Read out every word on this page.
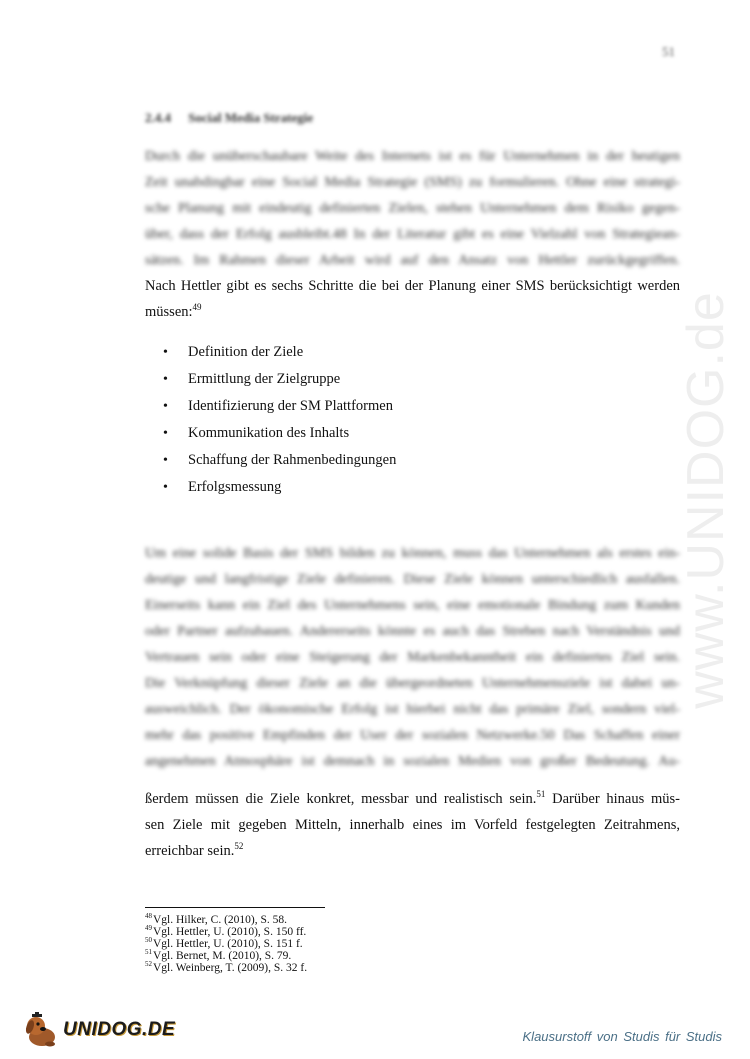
51
2.4.4 Social Media Strategie
Durch die unüberschaubare Weite des Internets ist es für Unternehmen in der heutigen
Zeit unabdingbar eine Social Media Strategie (SMS) zu formulieren. Ohne eine strategi-
sche Planung mit eindeutig definierten Zielen, stehen Unternehmen dem Risiko gegen-
über, dass der Erfolg ausbleibt.48 In der Literatur gibt es eine Vielzahl von Strategiean-
sätzen. Im Rahmen dieser Arbeit wird auf den Ansatz von Hettler zurückgegriffen.
Nach Hettler gibt es sechs Schritte die bei der Planung einer SMS berücksichtigt werden
müssen:$^{49}$
• Definition der Ziele
• Ermittlung der Zielgruppe
• Identifizierung der SM Plattformen
• Kommunikation des Inhalts
• Schaffung der Rahmenbedingungen
• Erfolgsmessung
Um eine solide Basis der SMS bilden zu können, muss das Unternehmen als erstes ein-
deutige und langfristige Ziele definieren. Diese Ziele können unterschiedlich ausfallen.
Einerseits kann ein Ziel des Unternehmens sein, eine emotionale Bindung zum Kunden
oder Partner aufzubauen. Andererseits könnte es auch das Streben nach Verständnis und
Vertrauen sein oder eine Steigerung der Markenbekanntheit ein definiertes Ziel sein.
Die Verknüpfung dieser Ziele an die übergeordneten Unternehmensziele ist dabei un-
ausweichlich. Der ökonomische Erfolg ist hierbei nicht das primäre Ziel, sondern viel-
mehr das positive Empfinden der User der sozialen Netzwerke.50 Das Schaffen einer
angenehmen Atmosphäre ist demnach in sozialen Medien von großer Bedeutung. Au-
ßerdem müssen die Ziele konkret, messbar und realistisch sein.$^{51}$ Darüber hinaus müs-
sen Ziele mit gegeben Mitteln, innerhalb eines im Vorfeld festgelegten Zeitrahmens,
erreichbar sein.$^{52}$
$^{48}$Vgl. Hilker, C. (2010), S. 58.
$^{49}$Vgl. Hettler, U. (2010), S. 150 ff.
$^{50}$Vgl. Hettler, U. (2010), S. 151 f.
$^{51}$Vgl. Bernet, M. (2010), S. 79.
$^{52}$Vgl. Weinberg, T. (2009), S. 32 f.
www.UNIDOG.de
UNIDOG.DE	Klausurstoff von Studis für Studis
